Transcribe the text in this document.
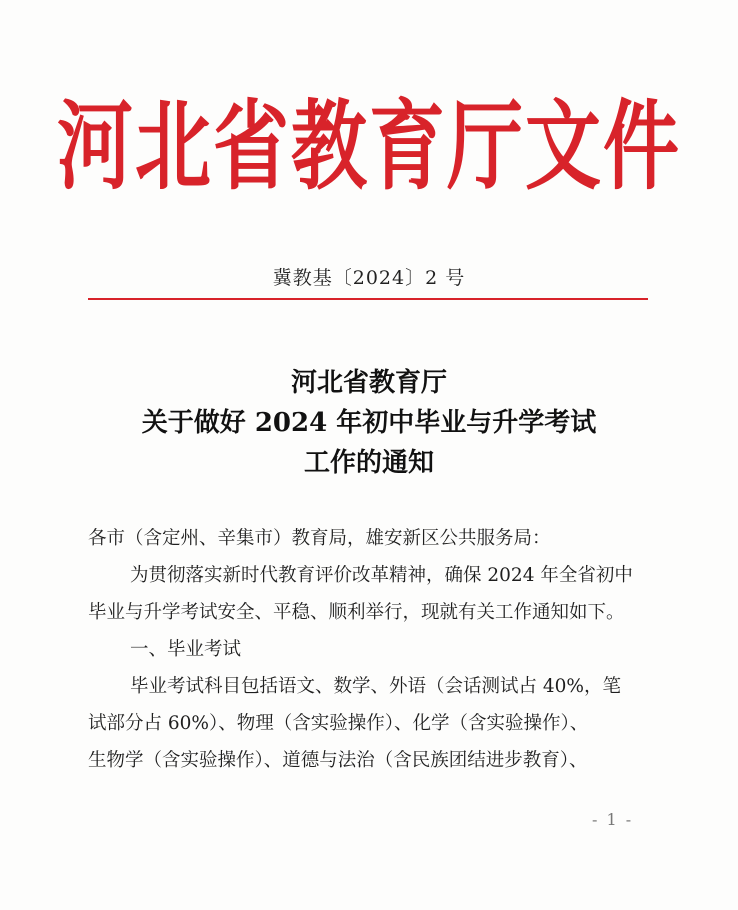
河北省教育厅文件
冀教基〔2024〕2 号
河北省教育厅
关于做好 2024 年初中毕业与升学考试
工作的通知
各市（含定州、辛集市）教育局，雄安新区公共服务局：
为贯彻落实新时代教育评价改革精神，确保 2024 年全省初中
毕业与升学考试安全、平稳、顺利举行，现就有关工作通知如下。
一、毕业考试
毕业考试科目包括语文、数学、外语（会话测试占 40%，笔
试部分占 60%）、物理（含实验操作）、化学（含实验操作）、
生物学（含实验操作）、道德与法治（含民族团结进步教育）、
- 1 -
